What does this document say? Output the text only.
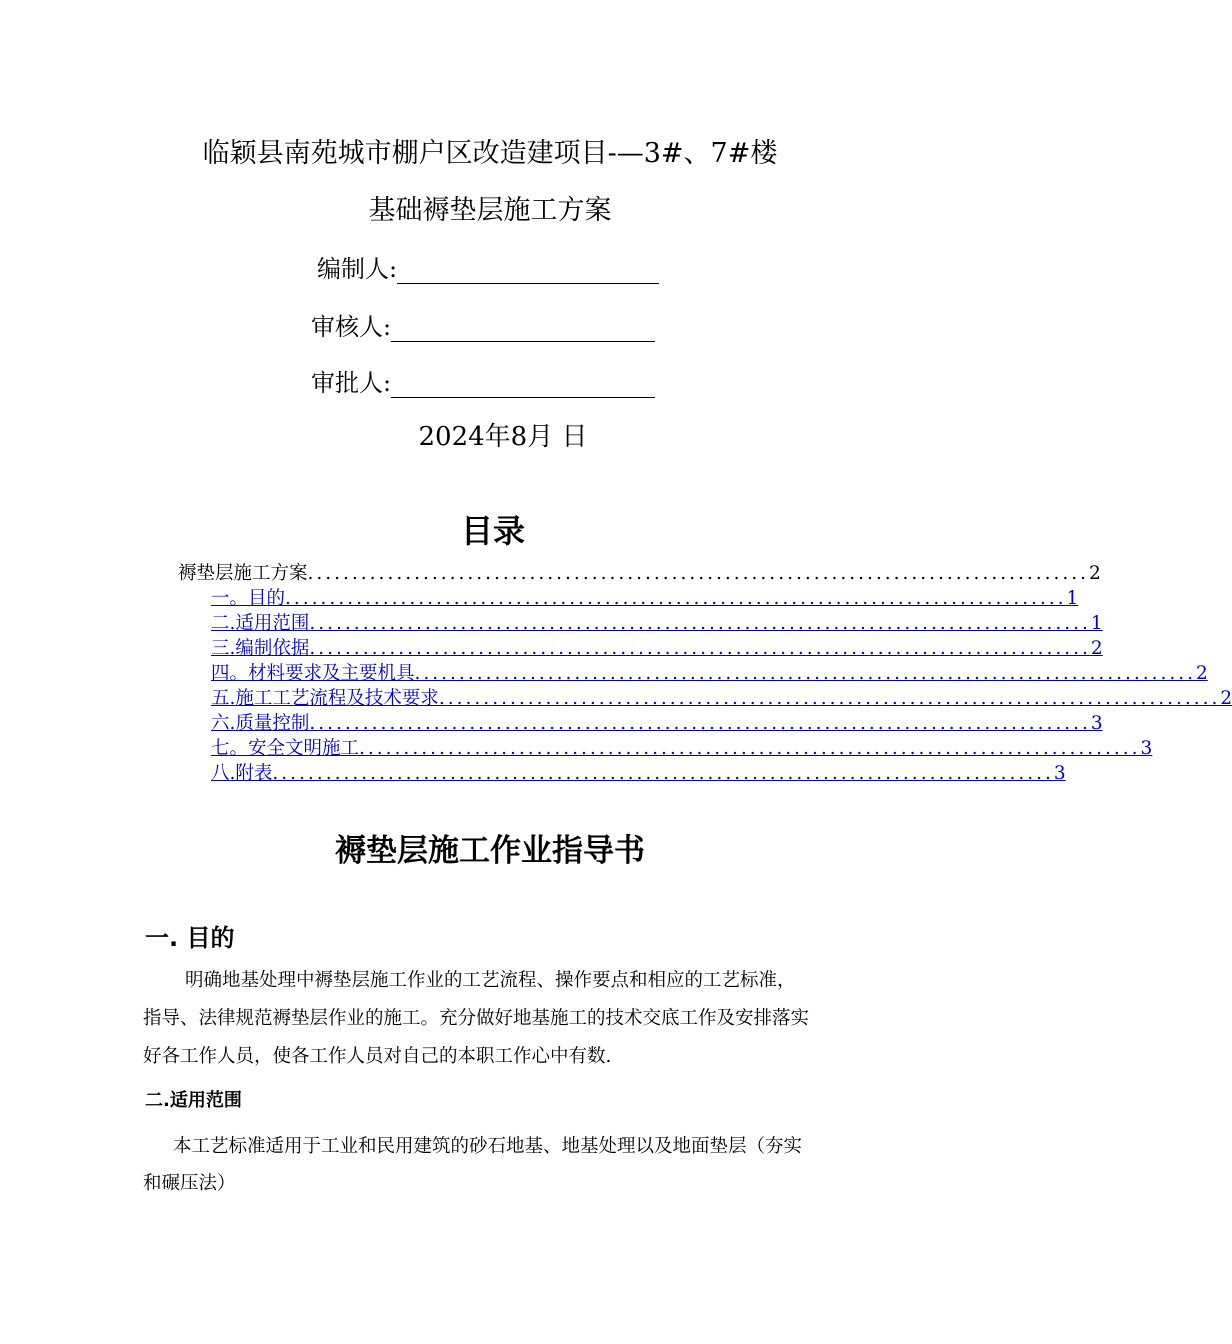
临颖县南苑城市棚户区改造建项目-—3#、7#楼
基础褥垫层施工方案
编制人:
审核人:
审批人:
2024年8月 日
目录
褥垫层施工方案 ........................................................................................ 2
一。 目的 ........................................................................................ 1
二. 适用范围 ........................................................................................ 1
三. 编制依据 ........................................................................................ 2
四。 材料要求及主要机具 ........................................................................................ 2
五. 施工工艺流程及技术要求 ........................................................................................ 2
六. 质量控制 ........................................................................................ 3
七。 安全文明施工 ........................................................................................ 3
八. 附表 ........................................................................................ 3
褥垫层施工作业指导书
一. 目的
明确地基处理中褥垫层施工作业的工艺流程、操作要点和相应的工艺标准，
指导、法律规范褥垫层作业的施工。充分做好地基施工的技术交底工作及安排落实
好各工作人员，使各工作人员对自己的本职工作心中有数.
二.适用范围
本工艺标准适用于工业和民用建筑的砂石地基、地基处理以及地面垫层（夯实
和碾压法）
